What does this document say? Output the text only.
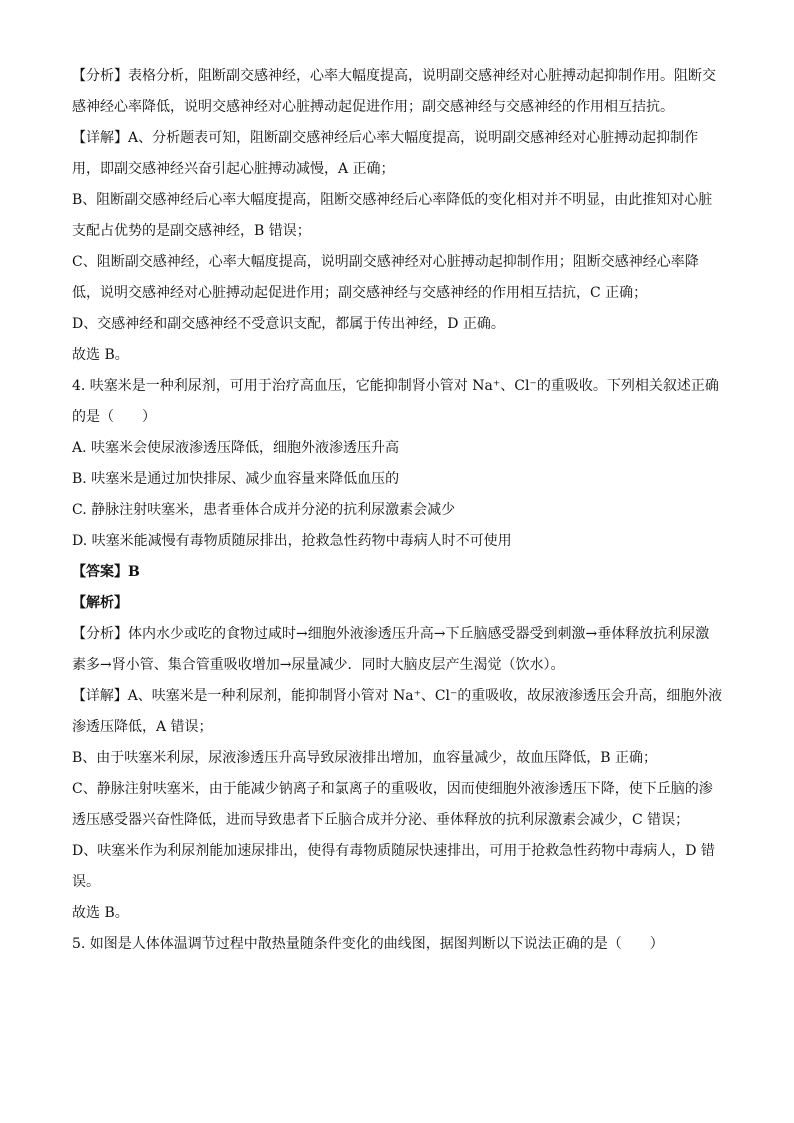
【分析】表格分析，阻断副交感神经，心率大幅度提高，说明副交感神经对心脏搏动起抑制作用。阻断交
感神经心率降低，说明交感神经对心脏搏动起促进作用；副交感神经与交感神经的作用相互拮抗。
【详解】A、分析题表可知，阻断副交感神经后心率大幅度提高，说明副交感神经对心脏搏动起抑制作
用，即副交感神经兴奋引起心脏搏动减慢，A 正确；
B、阻断副交感神经后心率大幅度提高，阻断交感神经后心率降低的变化相对并不明显，由此推知对心脏
支配占优势的是副交感神经，B 错误；
C、阻断副交感神经，心率大幅度提高，说明副交感神经对心脏搏动起抑制作用；阻断交感神经心率降
低，说明交感神经对心脏搏动起促进作用；副交感神经与交感神经的作用相互拮抗，C 正确；
D、交感神经和副交感神经不受意识支配，都属于传出神经，D 正确。
故选 B。
4. 呋塞米是一种利尿剂，可用于治疗高血压，它能抑制肾小管对 Na⁺、Cl⁻的重吸收。下列相关叙述正确
的是（　　）
A. 呋塞米会使尿液渗透压降低，细胞外液渗透压升高
B. 呋塞米是通过加快排尿、减少血容量来降低血压的
C. 静脉注射呋塞米，患者垂体合成并分泌的抗利尿激素会减少
D. 呋塞米能减慢有毒物质随尿排出，抢救急性药物中毒病人时不可使用
【答案】B
【解析】
【分析】体内水少或吃的食物过咸时→细胞外液渗透压升高→下丘脑感受器受到刺激→垂体释放抗利尿激
素多→肾小管、集合管重吸收增加→尿量减少．同时大脑皮层产生渴觉（饮水）。
【详解】A、呋塞米是一种利尿剂，能抑制肾小管对 Na⁺、Cl⁻的重吸收，故尿液渗透压会升高，细胞外液
渗透压降低，A 错误；
B、由于呋塞米利尿，尿液渗透压升高导致尿液排出增加，血容量减少，故血压降低，B 正确；
C、静脉注射呋塞米，由于能减少钠离子和氯离子的重吸收，因而使细胞外液渗透压下降，使下丘脑的渗
透压感受器兴奋性降低，进而导致患者下丘脑合成并分泌、垂体释放的抗利尿激素会减少，C 错误；
D、呋塞米作为利尿剂能加速尿排出，使得有毒物质随尿快速排出，可用于抢救急性药物中毒病人，D 错
误。
故选 B。
5. 如图是人体体温调节过程中散热量随条件变化的曲线图，据图判断以下说法正确的是（　　）
